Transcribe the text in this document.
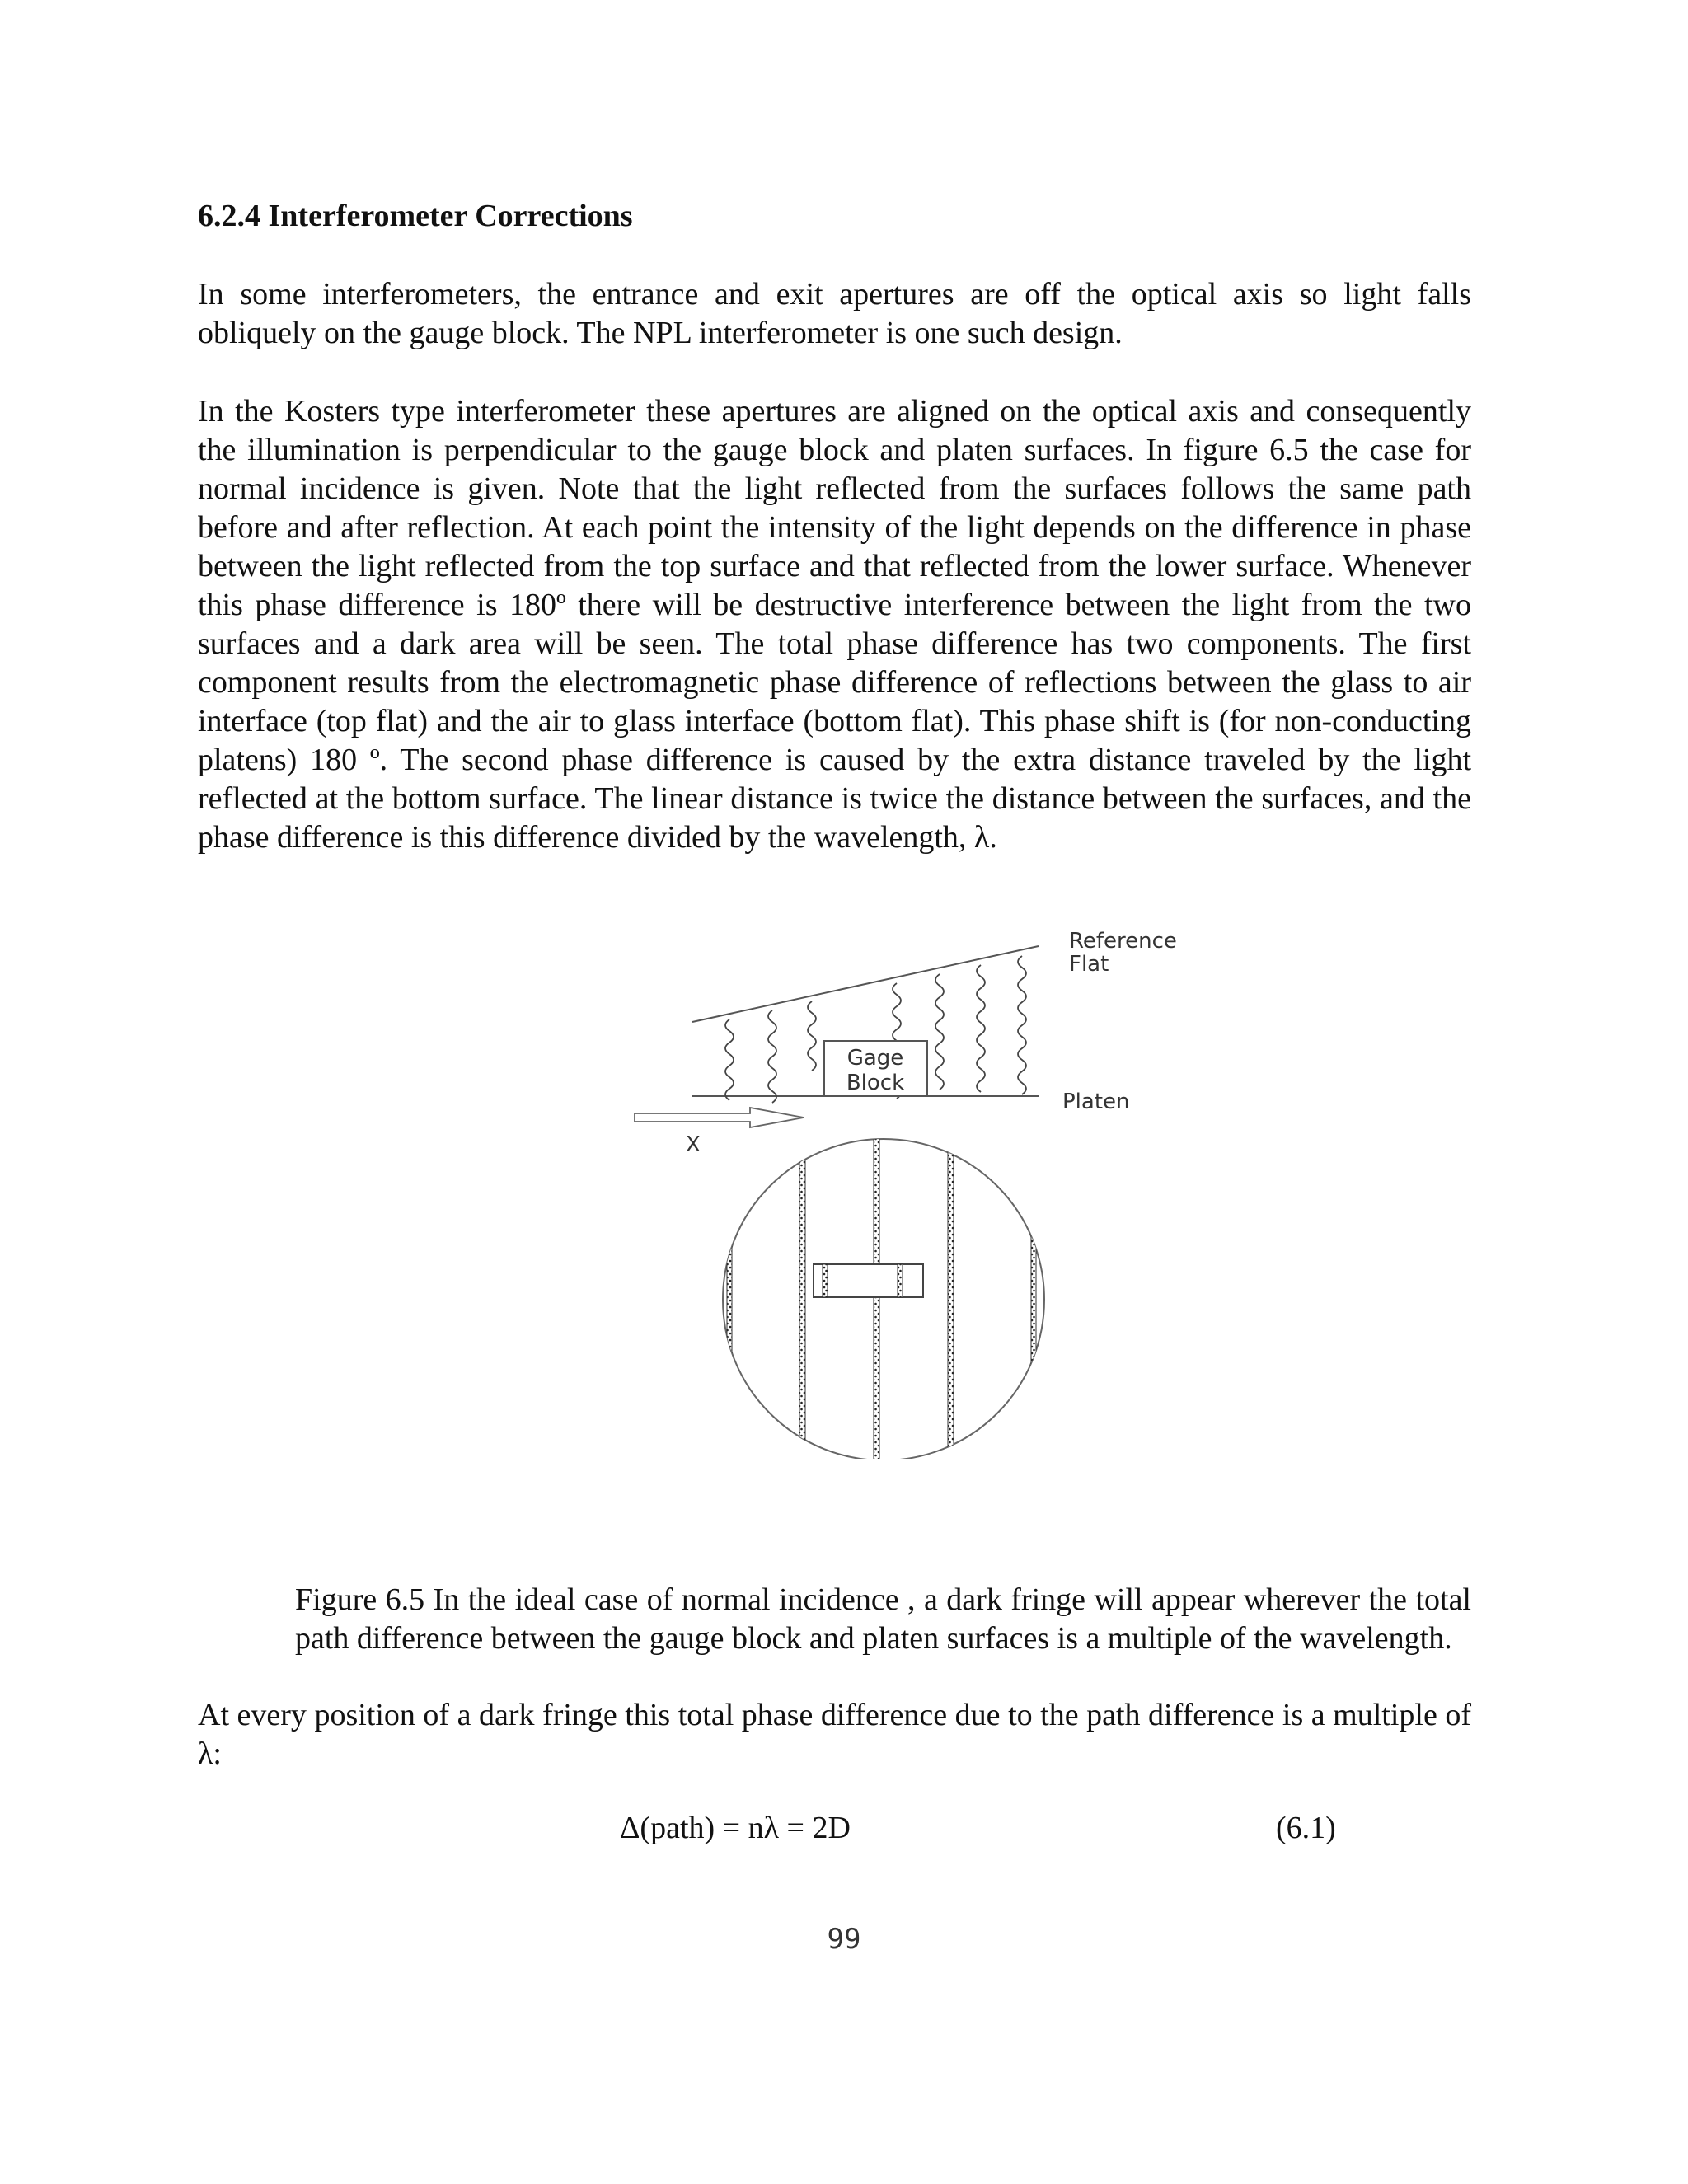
6.2.4 Interferometer Corrections

In some interferometers, the entrance and exit apertures are off the optical axis so light falls obliquely on the gauge block. The NPL interferometer is one such design.

In the Kosters type interferometer these apertures are aligned on the optical axis and consequently the illumination is perpendicular to the gauge block and platen surfaces. In figure 6.5 the case for normal incidence is given. Note that the light reflected from the surfaces follows the same path before and after reflection. At each point the intensity of the light depends on the difference in phase between the light reflected from the top surface and that reflected from the lower surface. Whenever this phase difference is 180º there will be destructive interference between the light from the two surfaces and a dark area will be seen. The total phase difference has two components. The first component results from the electromagnetic phase difference of reflections between the glass to air interface (top flat) and the air to glass interface (bottom flat). This phase shift is (for non-conducting platens) 180 º. The second phase difference is caused by the extra distance traveled by the light reflected at the bottom surface. The linear distance is twice the distance between the surfaces, and the phase difference is this difference divided by the wavelength, λ.

Gage
Block
Reference
Flat
Platen
X

Figure 6.5 In the ideal case of normal incidence , a dark fringe will appear wherever the total path difference between the gauge block and platen surfaces is a multiple of the wavelength.

At every position of a dark fringe this total phase difference due to the path difference is a multiple of λ:

Δ(path) = nλ = 2D	(6.1)
99
